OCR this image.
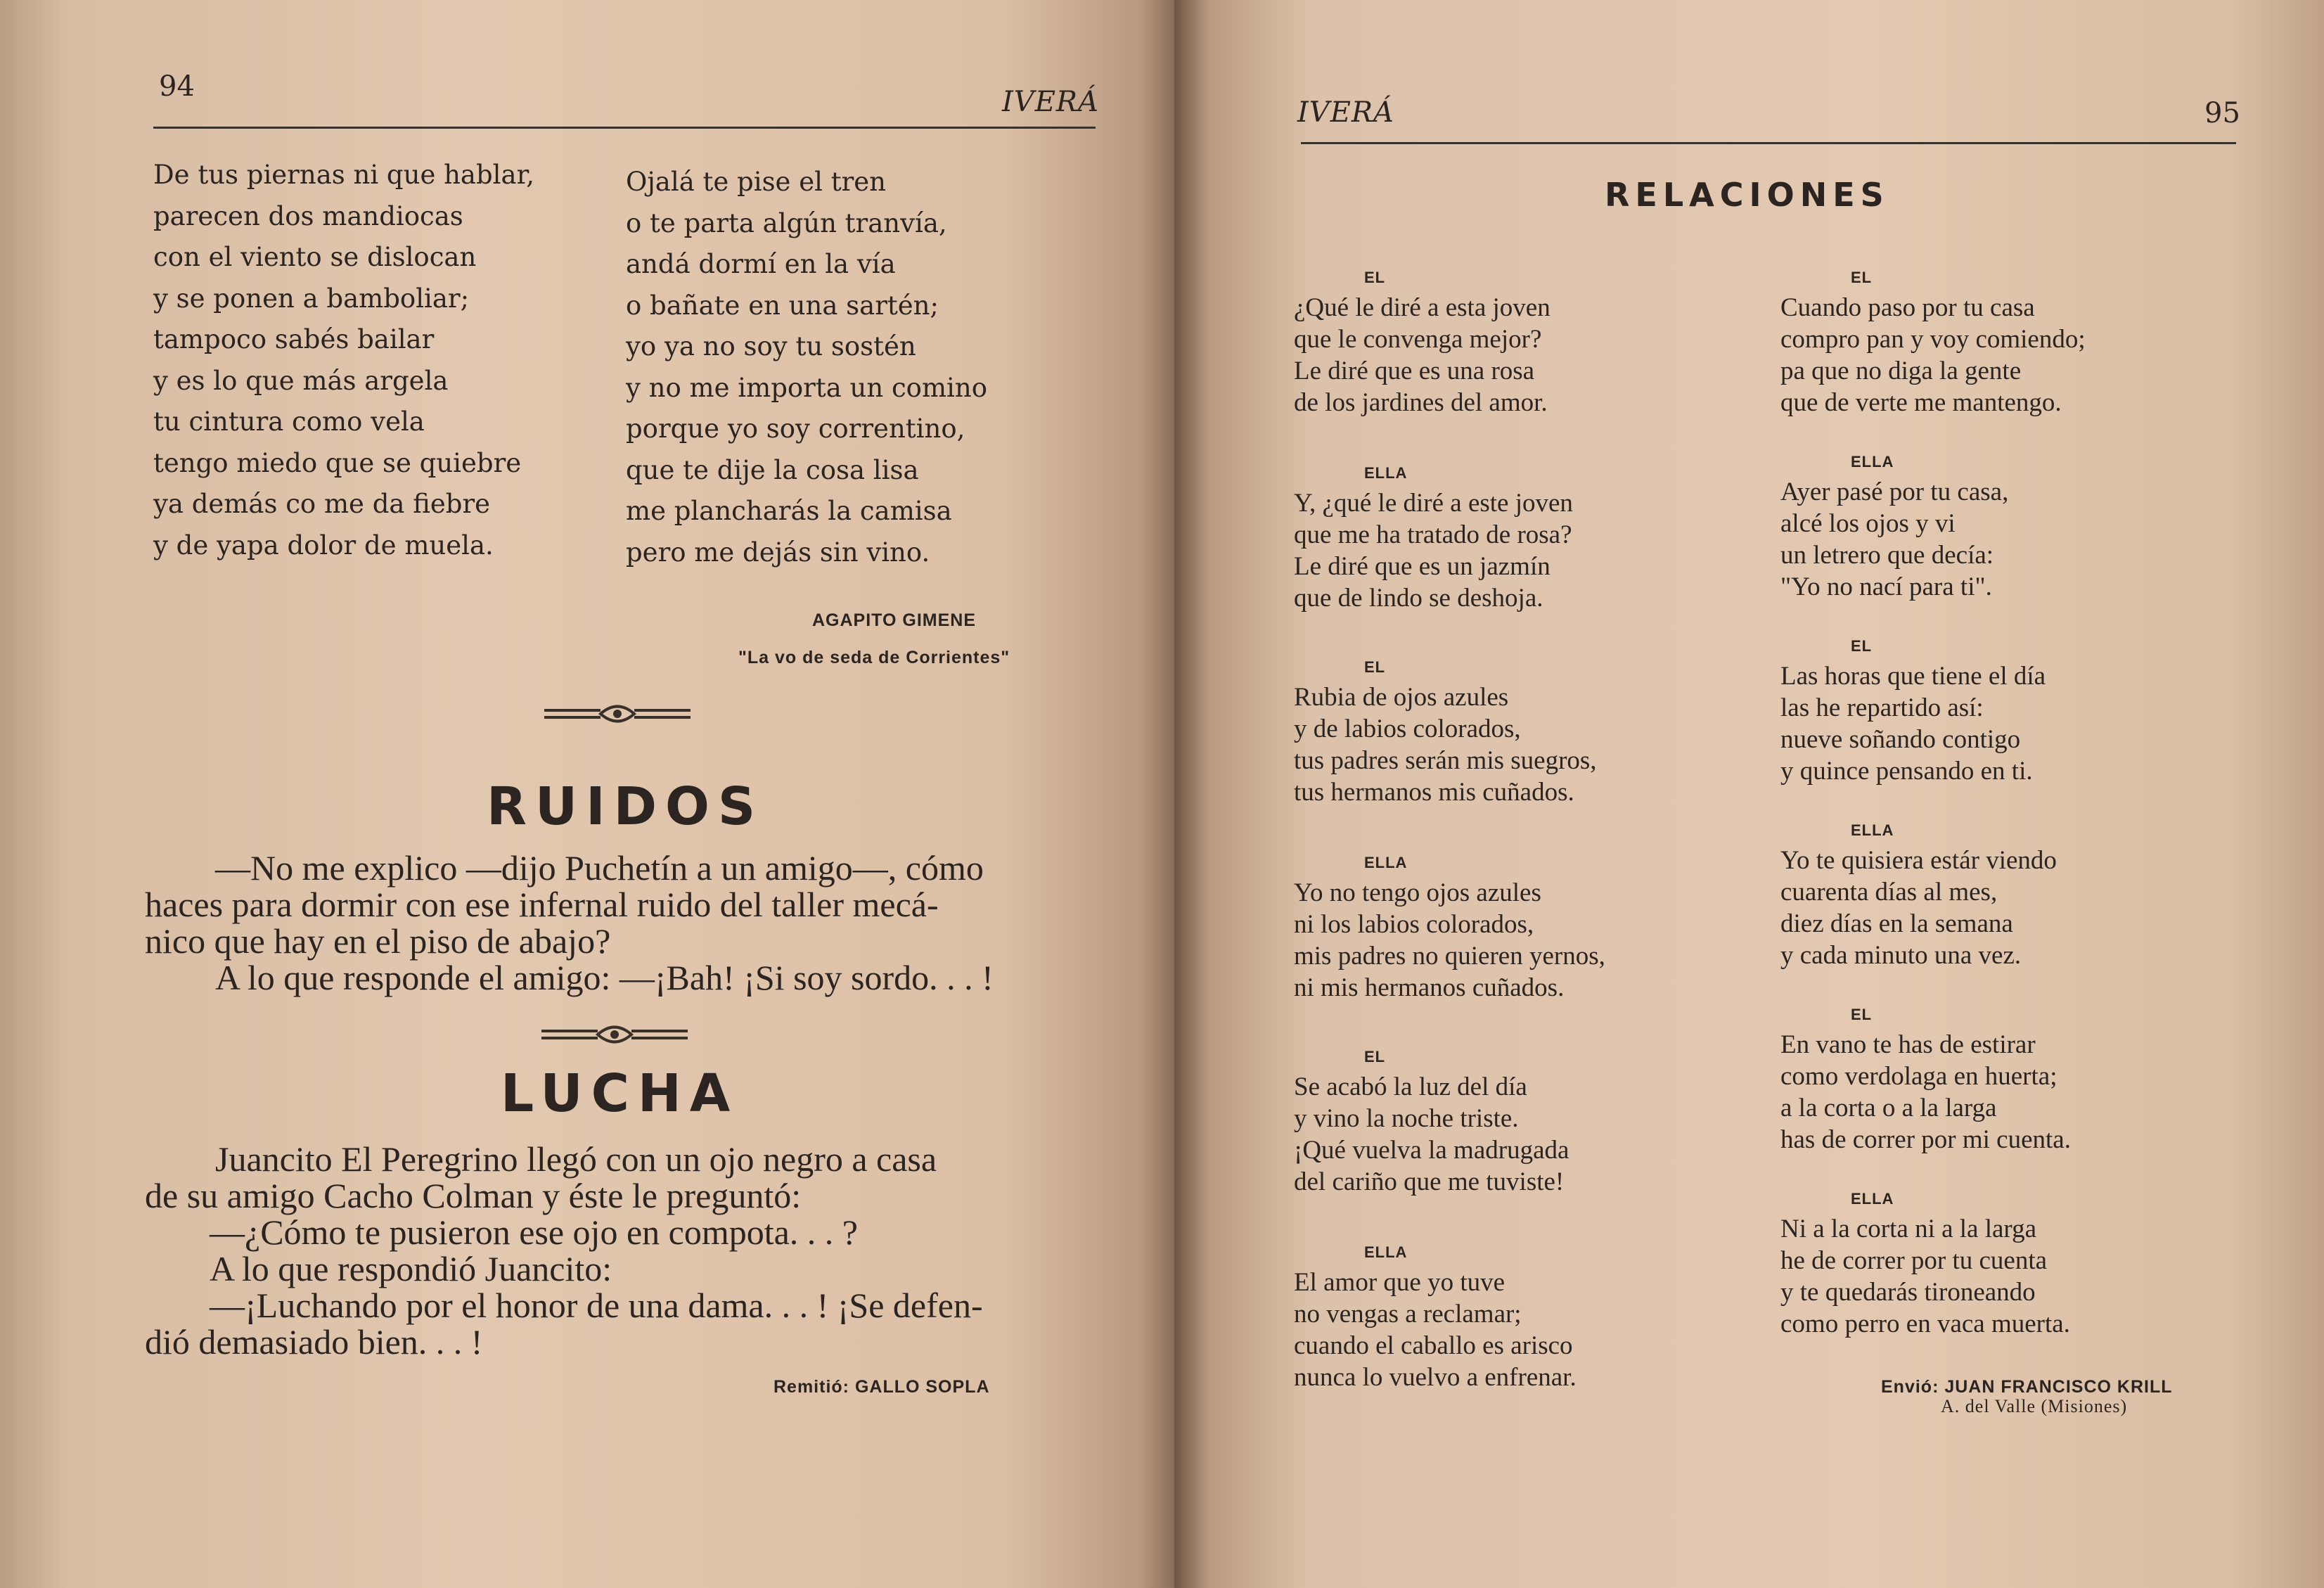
94	IVERÁ
De tus piernas ni que hablar,
parecen dos mandiocas
con el viento se dislocan
y se ponen a bamboliar;
tampoco sabés bailar
y es lo que más argela
tu cintura como vela
tengo miedo que se quiebre
ya demás co me da fiebre
y de yapa dolor de muela.
Ojalá te pise el tren
o te parta algún tranvía,
andá dormí en la vía
o bañate en una sartén;
yo ya no soy tu sostén
y no me importa un comino
porque yo soy correntino,
que te dije la cosa lisa
me plancharás la camisa
pero me dejás sin vino.
AGAPITO GIMENE
"La vo de seda de Corrientes"
RUIDOS
—No me explico —dijo Puchetín a un amigo—, cómo
haces para dormir con ese infernal ruido del taller mecá-
nico que hay en el piso de abajo?
A lo que responde el amigo: —¡Bah! ¡Si soy sordo. . . !
LUCHA
Juancito El Peregrino llegó con un ojo negro a casa
de su amigo Cacho Colman y éste le preguntó:
—¿Cómo te pusieron ese ojo en compota. . . ?
A lo que respondió Juancito:
—¡Luchando por el honor de una dama. . . ! ¡Se defen-
dió demasiado bien. . . !
Remitió: GALLO SOPLA
IVERÁ	95
RELACIONES
EL
¿Qué le diré a esta joven
que le convenga mejor?
Le diré que es una rosa
de los jardines del amor.
ELLA
Y, ¿qué le diré a este joven
que me ha tratado de rosa?
Le diré que es un jazmín
que de lindo se deshoja.
EL
Rubia de ojos azules
y de labios colorados,
tus padres serán mis suegros,
tus hermanos mis cuñados.
ELLA
Yo no tengo ojos azules
ni los labios colorados,
mis padres no quieren yernos,
ni mis hermanos cuñados.
EL
Se acabó la luz del día
y vino la noche triste.
¡Qué vuelva la madrugada
del cariño que me tuviste!
ELLA
El amor que yo tuve
no vengas a reclamar;
cuando el caballo es arisco
nunca lo vuelvo a enfrenar.
EL
Cuando paso por tu casa
compro pan y voy comiendo;
pa que no diga la gente
que de verte me mantengo.
ELLA
Ayer pasé por tu casa,
alcé los ojos y vi
un letrero que decía:
"Yo no nací para ti".
EL
Las horas que tiene el día
las he repartido así:
nueve soñando contigo
y quince pensando en ti.
ELLA
Yo te quisiera estár viendo
cuarenta días al mes,
diez días en la semana
y cada minuto una vez.
EL
En vano te has de estirar
como verdolaga en huerta;
a la corta o a la larga
has de correr por mi cuenta.
ELLA
Ni a la corta ni a la larga
he de correr por tu cuenta
y te quedarás tironeando
como perro en vaca muerta.
Envió: JUAN FRANCISCO KRILL
A. del Valle (Misiones)
